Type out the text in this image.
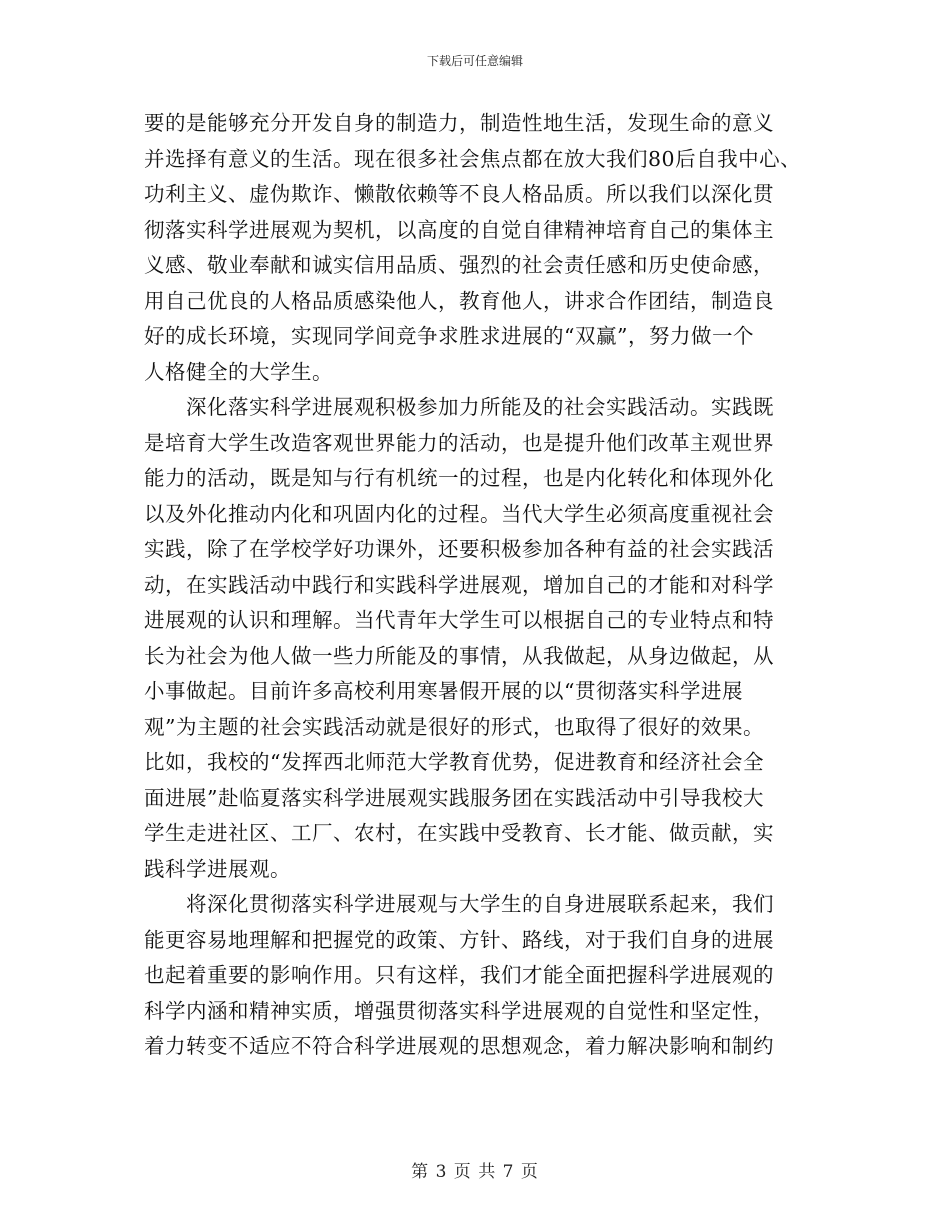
下载后可任意编辑
要的是能够充分开发自身的制造力，制造性地生活，发现生命的意义
并选择有意义的生活。现在很多社会焦点都在放大我们80后自我中心、
功利主义、虚伪欺诈、懒散依赖等不良人格品质。所以我们以深化贯
彻落实科学进展观为契机，以高度的自觉自律精神培育自己的集体主
义感、敬业奉献和诚实信用品质、强烈的社会责任感和历史使命感，
用自己优良的人格品质感染他人，教育他人，讲求合作团结，制造良
好的成长环境，实现同学间竞争求胜求进展的“双赢”，努力做一个
人格健全的大学生。
深化落实科学进展观积极参加力所能及的社会实践活动。实践既
是培育大学生改造客观世界能力的活动，也是提升他们改革主观世界
能力的活动，既是知与行有机统一的过程，也是内化转化和体现外化
以及外化推动内化和巩固内化的过程。当代大学生必须高度重视社会
实践，除了在学校学好功课外，还要积极参加各种有益的社会实践活
动，在实践活动中践行和实践科学进展观，增加自己的才能和对科学
进展观的认识和理解。当代青年大学生可以根据自己的专业特点和特
长为社会为他人做一些力所能及的事情，从我做起，从身边做起，从
小事做起。目前许多高校利用寒暑假开展的以“贯彻落实科学进展
观”为主题的社会实践活动就是很好的形式，也取得了很好的效果。
比如，我校的“发挥西北师范大学教育优势，促进教育和经济社会全
面进展”赴临夏落实科学进展观实践服务团在实践活动中引导我校大
学生走进社区、工厂、农村，在实践中受教育、长才能、做贡献，实
践科学进展观。
将深化贯彻落实科学进展观与大学生的自身进展联系起来，我们
能更容易地理解和把握党的政策、方针、路线，对于我们自身的进展
也起着重要的影响作用。只有这样，我们才能全面把握科学进展观的
科学内涵和精神实质，增强贯彻落实科学进展观的自觉性和坚定性，
着力转变不适应不符合科学进展观的思想观念，着力解决影响和制约
第 3 页 共 7 页
